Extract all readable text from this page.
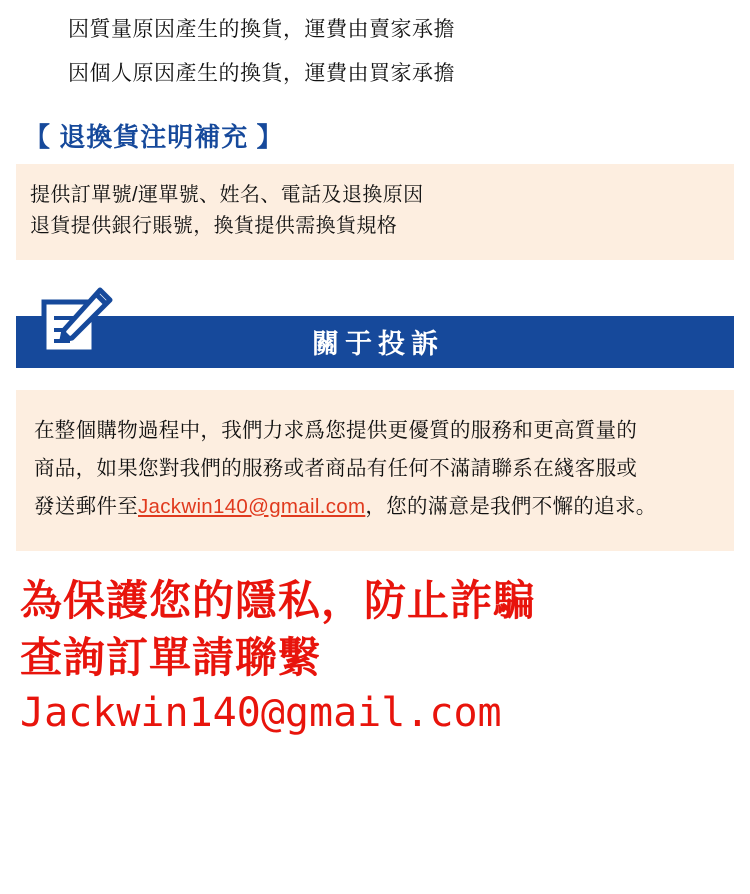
因質量原因產生的換貨，運費由賣家承擔
因個人原因產生的換貨，運費由買家承擔
【 退換貨注明補充 】
提供訂單號/運單號、姓名、電話及退換原因
退貨提供銀行賬號，換貨提供需換貨規格
關于投訴
在整個購物過程中，我們力求爲您提供更優質的服務和更高質量的
商品，如果您對我們的服務或者商品有任何不滿請聯系在綫客服或
發送郵件至Jackwin140@gmail.com，您的滿意是我們不懈的追求。
為保護您的隱私，防止詐騙
查詢訂單請聯繫
Jackwin140@gmail.com
